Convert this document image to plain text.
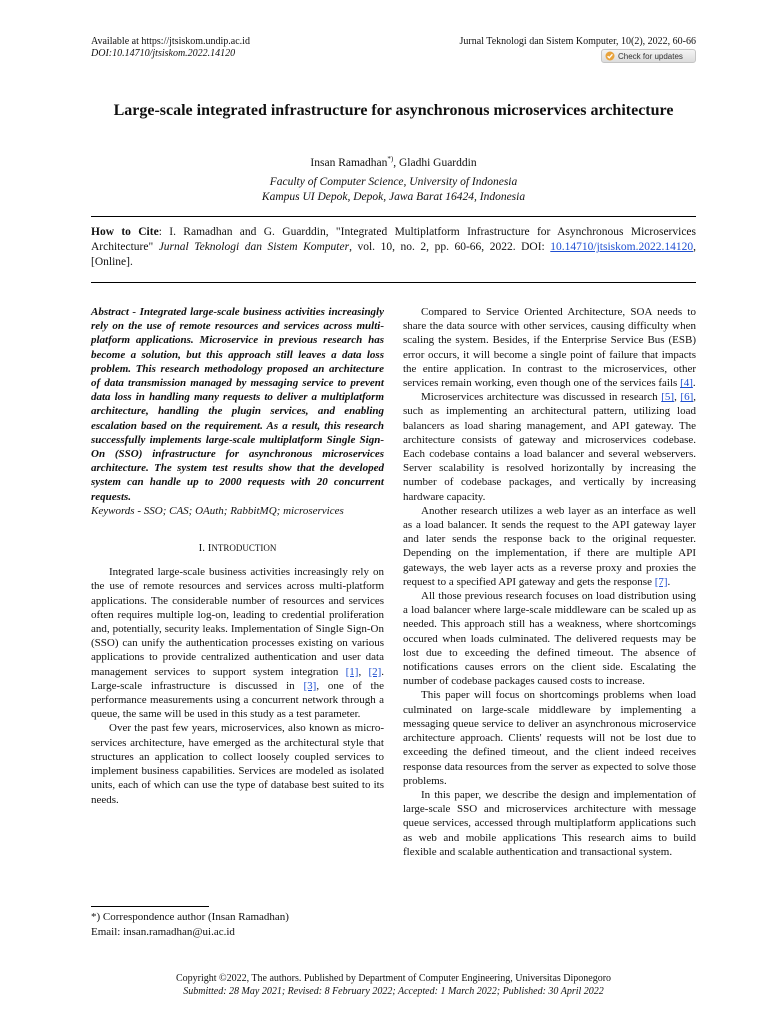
Available at https://jtsiskom.undip.ac.id
DOI:10.14710/jtsiskom.2022.14120
Jurnal Teknologi dan Sistem Komputer, 10(2), 2022, 60-66
Check for updates
Large-scale integrated infrastructure for asynchronous microservices architecture
Insan Ramadhan*), Gladhi Guarddin
Faculty of Computer Science, University of Indonesia
Kampus UI Depok, Depok, Jawa Barat 16424, Indonesia
How to Cite: I. Ramadhan and G. Guarddin, "Integrated Multiplatform Infrastructure for Asynchronous Microservices Architecture" Jurnal Teknologi dan Sistem Komputer, vol. 10, no. 2, pp. 60-66, 2022. DOI: 10.14710/jtsiskom.2022.14120, [Online].

Abstract - Integrated large-scale business activities increasingly rely on the use of remote resources and services across multi-platform applications. Microservice in previous research has become a solution, but this approach still leaves a data loss problem. This research methodology proposed an architecture of data transmission managed by messaging service to prevent data loss in handling many requests to deliver a multiplatform architecture, handling the plugin services, and enabling escalation based on the requirement. As a result, this research successfully implements large-scale multiplatform Single Sign-On (SSO) infrastructure for asynchronous microservices architecture. The system test results show that the developed system can handle up to 2000 requests with 20 concurrent requests.

Keywords - SSO; CAS; OAuth; RabbitMQ; microservices

I. INTRODUCTION

Integrated large-scale business activities increasingly rely on the use of remote resources and services across multi-platform applications. The considerable number of resources and services often requires multiple log-on, leading to credential proliferation and, potentially, security leaks. Implementation of Single Sign-On (SSO) can unify the authentication processes existing on various applications to provide centralized authentication and user data management services to support system integration [1], [2]. Large-scale infrastructure is discussed in [3], one of the performance measurements using a concurrent network through a queue, the same will be used in this study as a test parameter.

Over the past few years, microservices, also known as micro-services architecture, have emerged as the architectural style that structures an application to collect loosely coupled services to implement business capabilities. Services are modeled as isolated units, each of which can use the type of database best suited to its needs.

Compared to Service Oriented Architecture, SOA needs to share the data source with other services, causing difficulty when scaling the system. Besides, if the Enterprise Service Bus (ESB) error occurs, it will become a single point of failure that impacts the entire application. In contrast to the microservices, other services remain working, even though one of the services fails [4].

Microservices architecture was discussed in research [5], [6], such as implementing an architectural pattern, utilizing load balancers as load sharing management, and API gateway. The architecture consists of gateway and microservices codebase. Each codebase contains a load balancer and several webservers. Server scalability is resolved horizontally by increasing the number of codebase packages, and vertically by increasing hardware capacity.

Another research utilizes a web layer as an interface as well as a load balancer. It sends the request to the API gateway layer and later sends the response back to the original requester. Depending on the implementation, if there are multiple API gateways, the web layer acts as a reverse proxy and proxies the request to a specified API gateway and gets the response [7].

All those previous research focuses on load distribution using a load balancer where large-scale middleware can be scaled up as needed. This approach still has a weakness, where shortcomings occured when loads culminated. The delivered requests may be lost due to exceeding the defined timeout. The absence of notifications causes errors on the client side. Escalating the number of codebase packages caused costs to increase.

This paper will focus on shortcomings problems when load culminated on large-scale middleware by implementing a messaging queue service to deliver an asynchronous microservice architecture approach. Clients' requests will not be lost due to exceeding the defined timeout, and the client indeed receives response data resources from the server as expected to solve those problems.

In this paper, we describe the design and implementation of large-scale SSO and microservices architecture with message queue services, accessed through multiplatform applications such as web and mobile applications This research aims to build flexible and scalable authentication and transactional system.

*) Correspondence author (Insan Ramadhan)
Email: insan.ramadhan@ui.ac.id
Copyright ©2022, The authors. Published by Department of Computer Engineering, Universitas Diponegoro
Submitted: 28 May 2021; Revised: 8 February 2022; Accepted: 1 March 2022; Published: 30 April 2022
